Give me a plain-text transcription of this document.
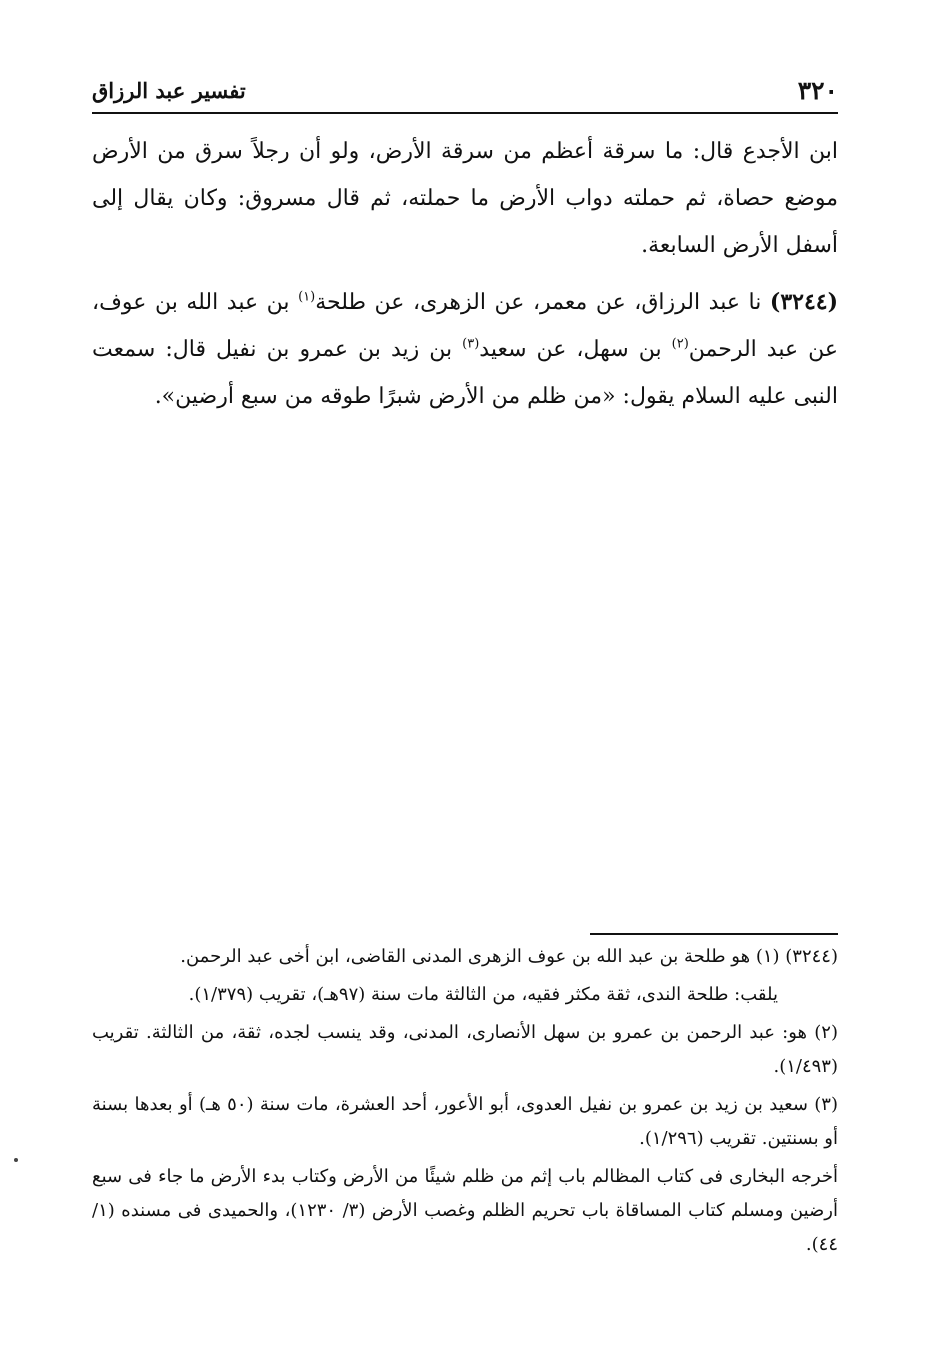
٣٢٠
تفسير عبد الرزاق

ابن الأجدع قال: ما سرقة أعظم من سرقة الأرض، ولو أن رجلاً سرق من الأرض موضع حصاة، ثم حملته دواب الأرض ما حملته، ثم قال مسروق: وكان يقال إلى أسفل الأرض السابعة.

(٣٢٤٤) نا عبد الرزاق، عن معمر، عن الزهرى، عن طلحة$^{(١)}$ بن عبد الله بن عوف، عن عبد الرحمن$^{(٢)}$ بن سهل، عن سعيد$^{(٣)}$ بن زيد بن عمرو بن نفيل قال: سمعت النبى عليه السلام يقول: «من ظلم من الأرض شبرًا طوقه من سبع أرضين».

(٣٢٤٤) (١) هو طلحة بن عبد الله بن عوف الزهرى المدنى القاضى، ابن أخى عبد الرحمن.

يلقب: طلحة الندى، ثقة مكثر فقيه، من الثالثة مات سنة (٩٧هـ)، تقريب (١/٣٧٩).

(٢) هو: عبد الرحمن بن عمرو بن سهل الأنصارى، المدنى، وقد ينسب لجده، ثقة، من الثالثة. تقريب (١/٤٩٣).

(٣) سعيد بن زيد بن عمرو بن نفيل العدوى، أبو الأعور، أحد العشرة، مات سنة (٥٠ هـ) أو بعدها بسنة أو بسنتين. تقريب (١/٢٩٦).

أخرجه البخارى فى كتاب المظالم باب إثم من ظلم شيئًا من الأرض وكتاب بدء الأرض ما جاء فى سبع أرضين ومسلم كتاب المساقاة باب تحريم الظلم وغصب الأرض (٣/ ١٢٣٠)، والحميدى فى مسنده (١/ ٤٤).
